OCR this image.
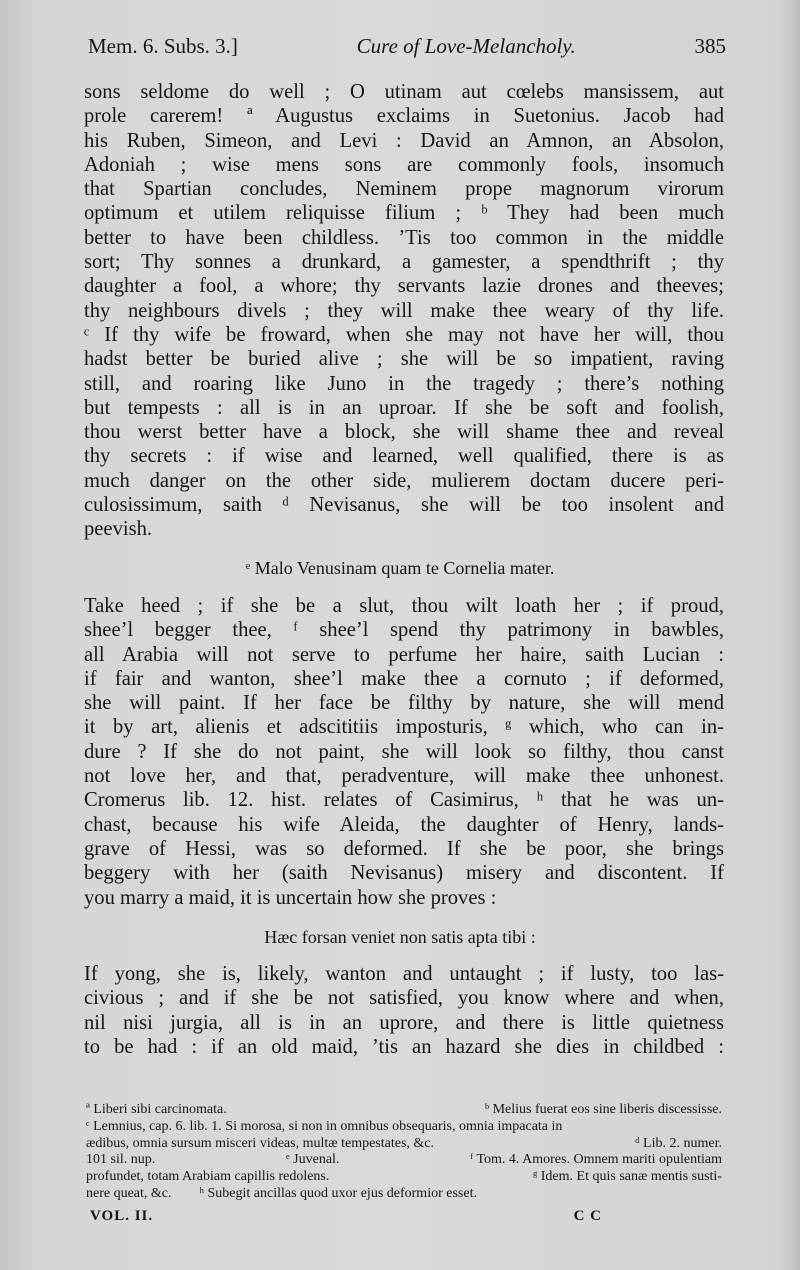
Mem. 6. Subs. 3.]	Cure of Love-Melancholy.	385
sons seldome do well ; O utinam aut cœlebs mansissem, aut
prole carerem! ª Augustus exclaims in Suetonius. Jacob had
his Ruben, Simeon, and Levi : David an Amnon, an Absolon,
Adoniah ; wise mens sons are commonly fools, insomuch
that Spartian concludes, Neminem prope magnorum virorum
optimum et utilem reliquisse filium ; ᵇ They had been much
better to have been childless. ’Tis too common in the middle
sort; Thy sonnes a drunkard, a gamester, a spendthrift ; thy
daughter a fool, a whore; thy servants lazie drones and theeves;
thy neighbours divels ; they will make thee weary of thy life.
ᶜ If thy wife be froward, when she may not have her will, thou
hadst better be buried alive ; she will be so impatient, raving
still, and roaring like Juno in the tragedy ; there’s nothing
but tempests : all is in an uproar. If she be soft and foolish,
thou werst better have a block, she will shame thee and reveal
thy secrets : if wise and learned, well qualified, there is as
much danger on the other side, mulierem doctam ducere peri-
culosissimum, saith ᵈ Nevisanus, she will be too insolent and
peevish.
ᵉ Malo Venusinam quam te Cornelia mater.
Take heed ; if she be a slut, thou wilt loath her ; if proud,
shee’l begger thee, ᶠ shee’l spend thy patrimony in bawbles,
all Arabia will not serve to perfume her haire, saith Lucian :
if fair and wanton, shee’l make thee a cornuto ; if deformed,
she will paint. If her face be filthy by nature, she will mend
it by art, alienis et adscititiis imposturis, ᵍ which, who can in-
dure ? If she do not paint, she will look so filthy, thou canst
not love her, and that, peradventure, will make thee unhonest.
Cromerus lib. 12. hist. relates of Casimirus, ʰ that he was un-
chast, because his wife Aleida, the daughter of Henry, lands-
grave of Hessi, was so deformed. If she be poor, she brings
beggery with her (saith Nevisanus) misery and discontent. If
you marry a maid, it is uncertain how she proves :
Hæc forsan veniet non satis apta tibi :
If yong, she is, likely, wanton and untaught ; if lusty, too las-
civious ; and if she be not satisfied, you know where and when,
nil nisi jurgia, all is in an uprore, and there is little quietness
to be had : if an old maid, ’tis an hazard she dies in childbed :
ª Liberi sibi carcinomata.	ᵇ Melius fuerat eos sine liberis discessisse.
ᶜ Lemnius, cap. 6. lib. 1. Si morosa, si non in omnibus obsequaris, omnia impacata in
ædibus, omnia sursum misceri videas, multæ tempestates, &c.	ᵈ Lib. 2. numer.
101 sil. nup.	ᵉ Juvenal.	ᶠ Tom. 4. Amores. Omnem mariti opulentiam
profundet, totam Arabiam capillis redolens.	ᵍ Idem. Et quis sanæ mentis susti-
nere queat, &c. ʰ Subegit ancillas quod uxor ejus deformior esset.
VOL. II.	C C
